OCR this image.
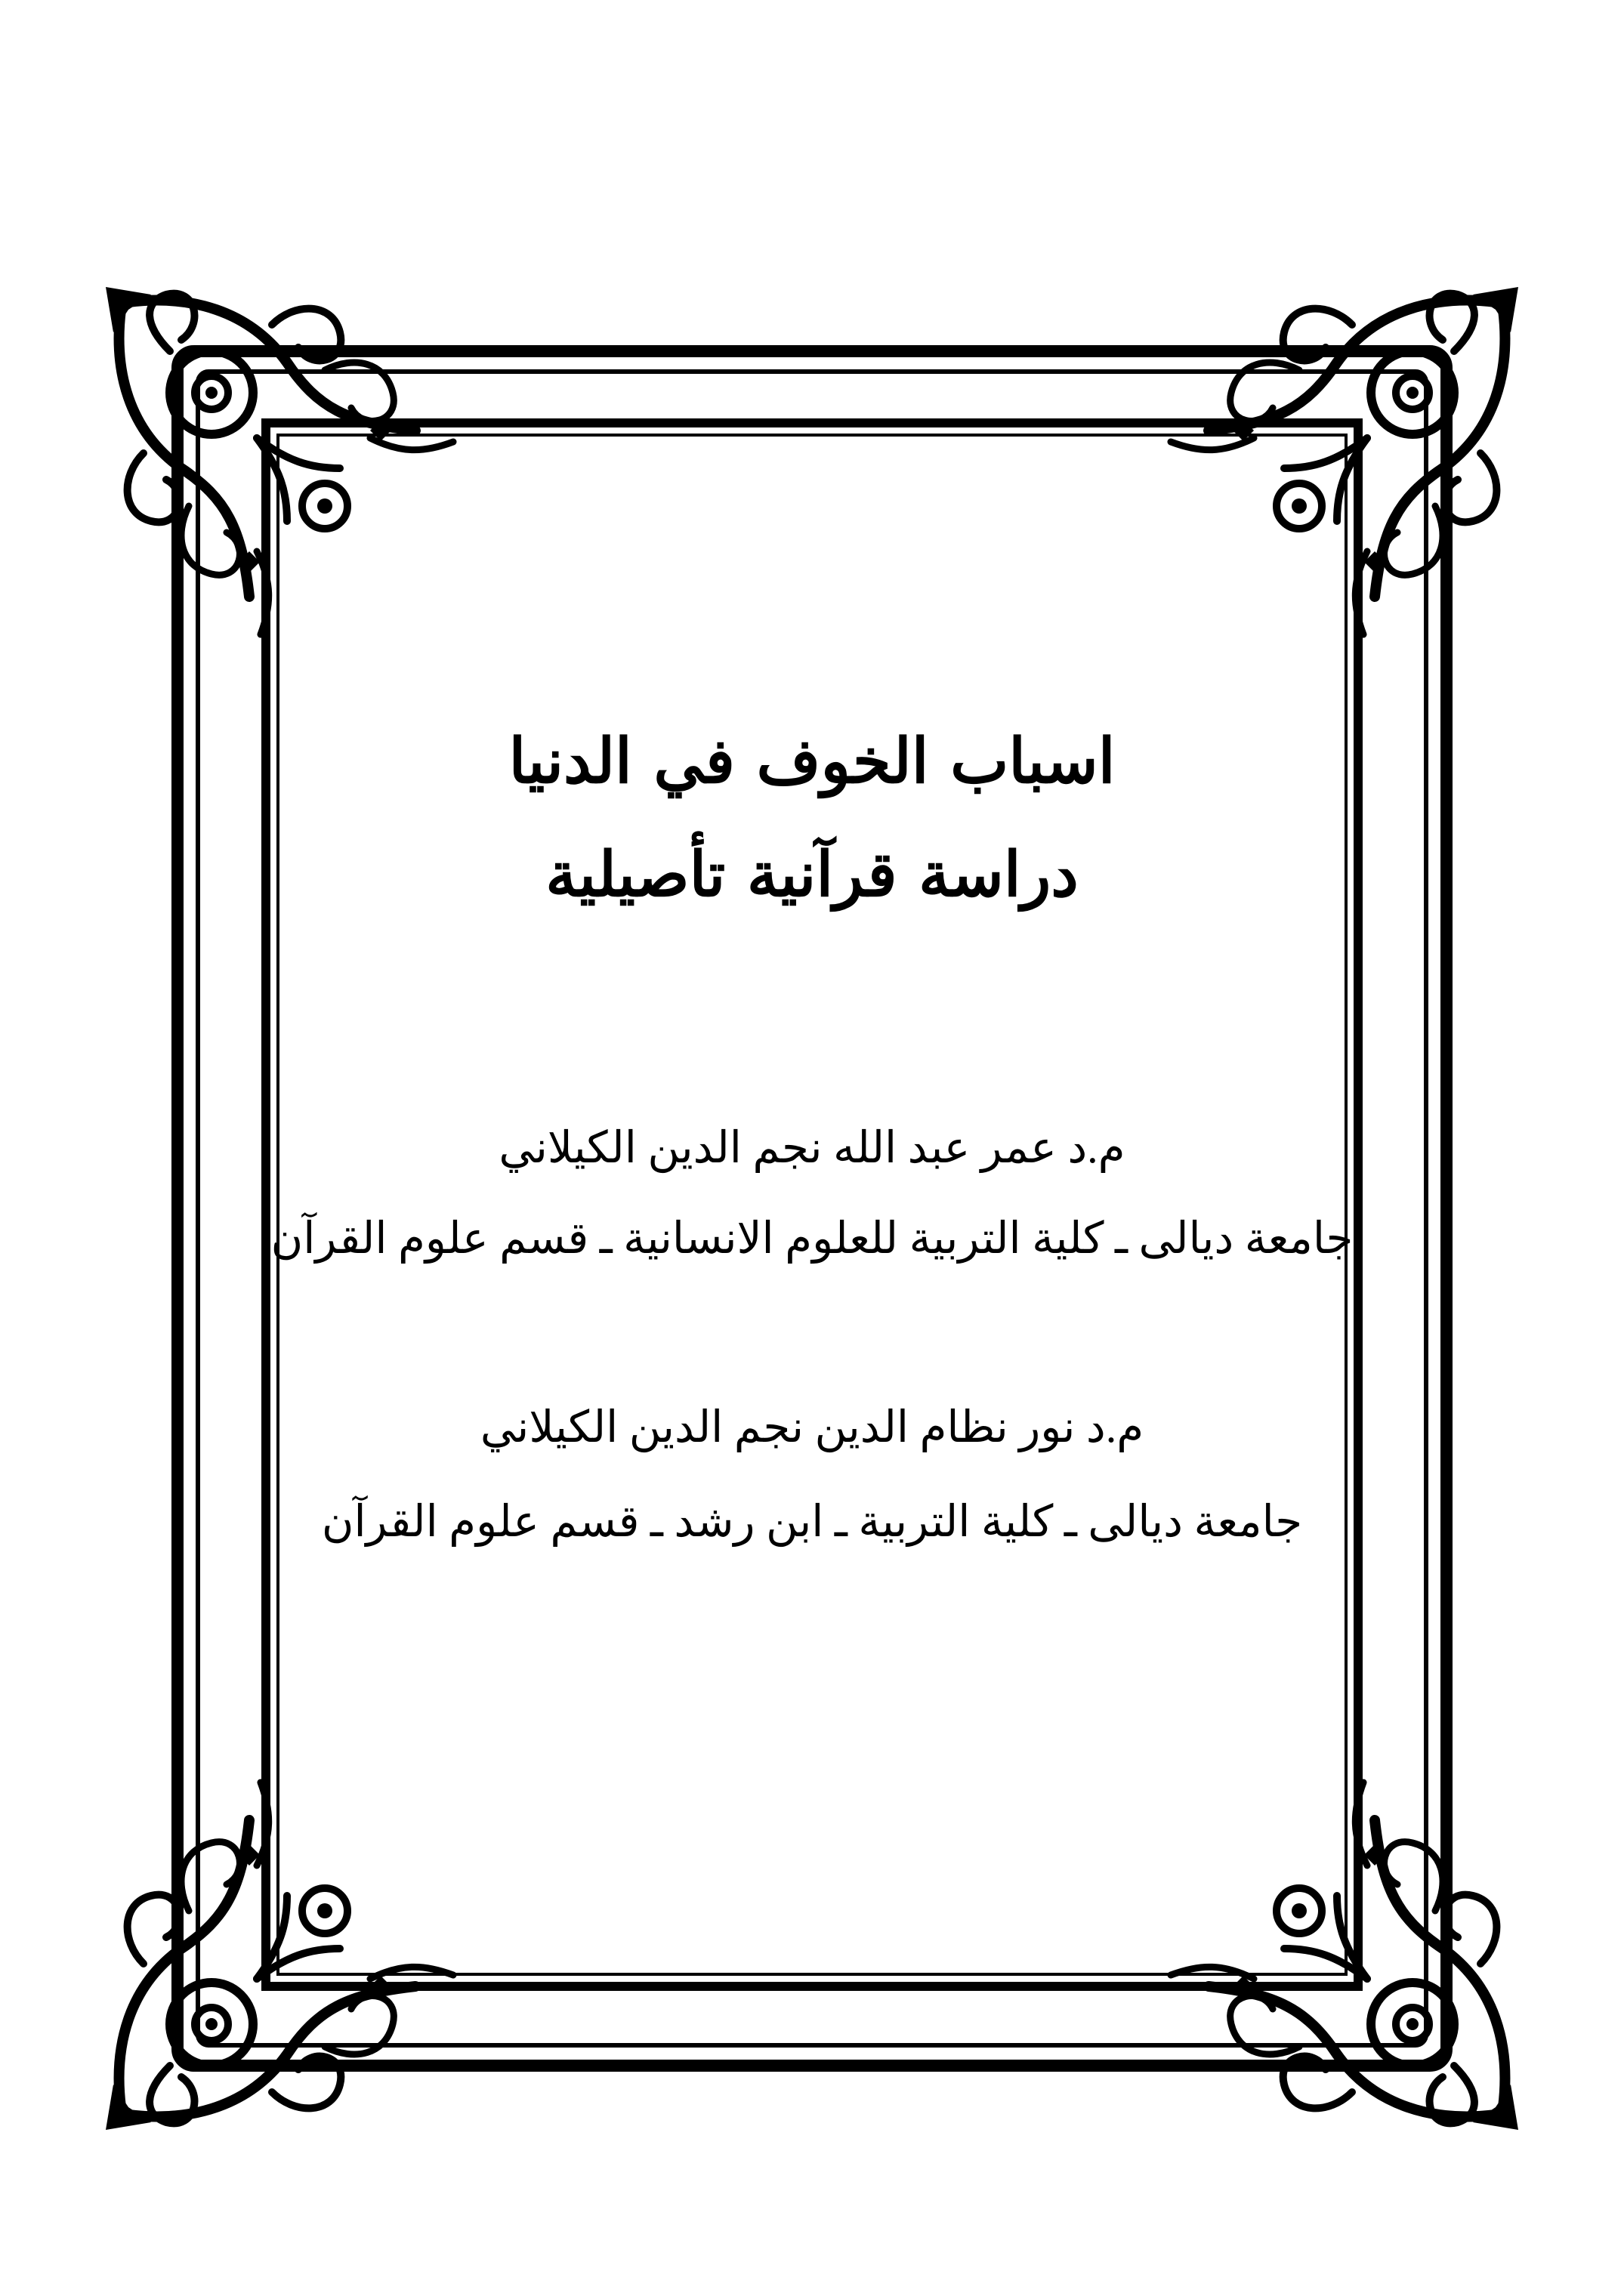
اسباب الخوف في الدنيا
دراسة قرآنية تأصيلية
م.د عمر عبد الله نجم الدين الكيلاني
جامعة ديالى ـ كلية التربية للعلوم الانسانية ـ قسم علوم القرآن
م.د نور نظام الدين نجم الدين الكيلاني
جامعة ديالى ـ كلية التربية ـ ابن رشد ـ قسم علوم القرآن
